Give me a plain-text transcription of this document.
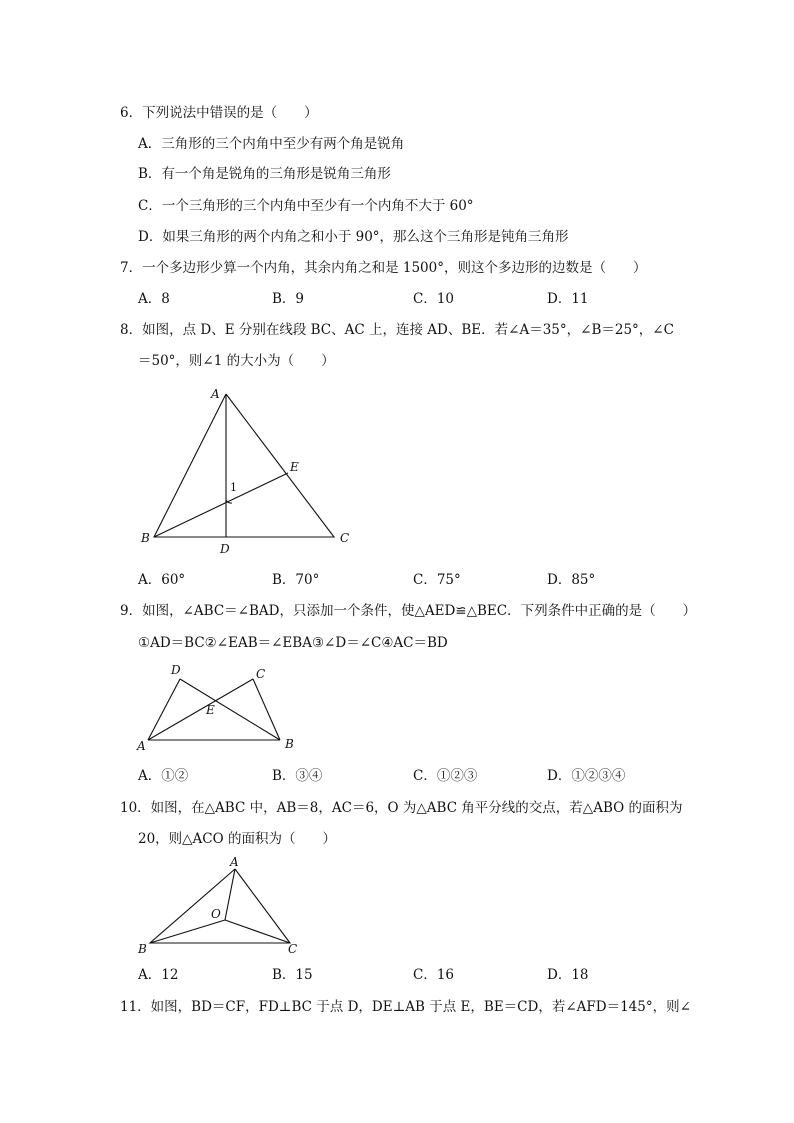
6．下列说法中错误的是（　　）
A．三角形的三个内角中至少有两个角是锐角
B．有一个角是锐角的三角形是锐角三角形
C．一个三角形的三个内角中至少有一个内角不大于 60°
D．如果三角形的两个内角之和小于 90°，那么这个三角形是钝角三角形
7．一个多边形少算一个内角，其余内角之和是 1500°，则这个多边形的边数是（　　）
A．8	B．9	C．10	D．11
8．如图，点 D、E 分别在线段 BC、AC 上，连接 AD、BE．若∠A＝35°，∠B＝25°，∠C
＝50°，则∠1 的大小为（　　）
A
B	C
D
E
1
A．60°	B．70°	C．75°	D．85°
9．如图，∠ABC＝∠BAD，只添加一个条件，使△AED≌△BEC．下列条件中正确的是（　　）
①AD＝BC②∠EAB＝∠EBA③∠D＝∠C④AC＝BD
A	B
C
D
E
A．①②	B．③④	C．①②③	D．①②③④
10．如图，在△ABC 中，AB＝8，AC＝6，O 为△ABC 角平分线的交点，若△ABO 的面积为
20，则△ACO 的面积为（　　）
A
B	C
O
A．12	B．15	C．16	D．18
11．如图，BD＝CF，FD⊥BC 于点 D，DE⊥AB 于点 E，BE＝CD，若∠AFD＝145°，则∠
